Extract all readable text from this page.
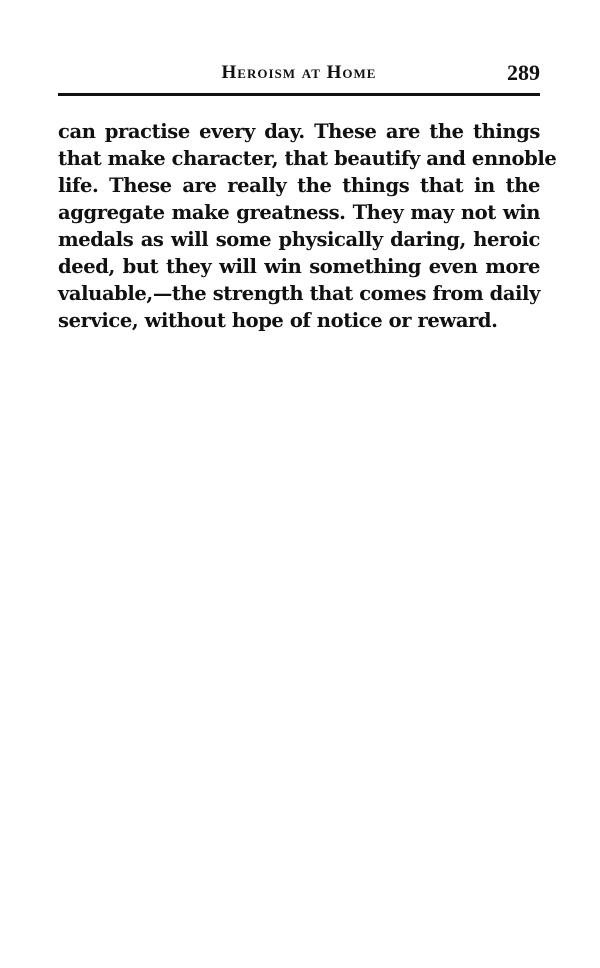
Heroism at Home	289
can practise every day. These are the things
that make character, that beautify and ennoble
life. These are really the things that in the
aggregate make greatness. They may not win
medals as will some physically daring, heroic
deed, but they will win something even more
valuable,—the strength that comes from daily
service, without hope of notice or reward.
